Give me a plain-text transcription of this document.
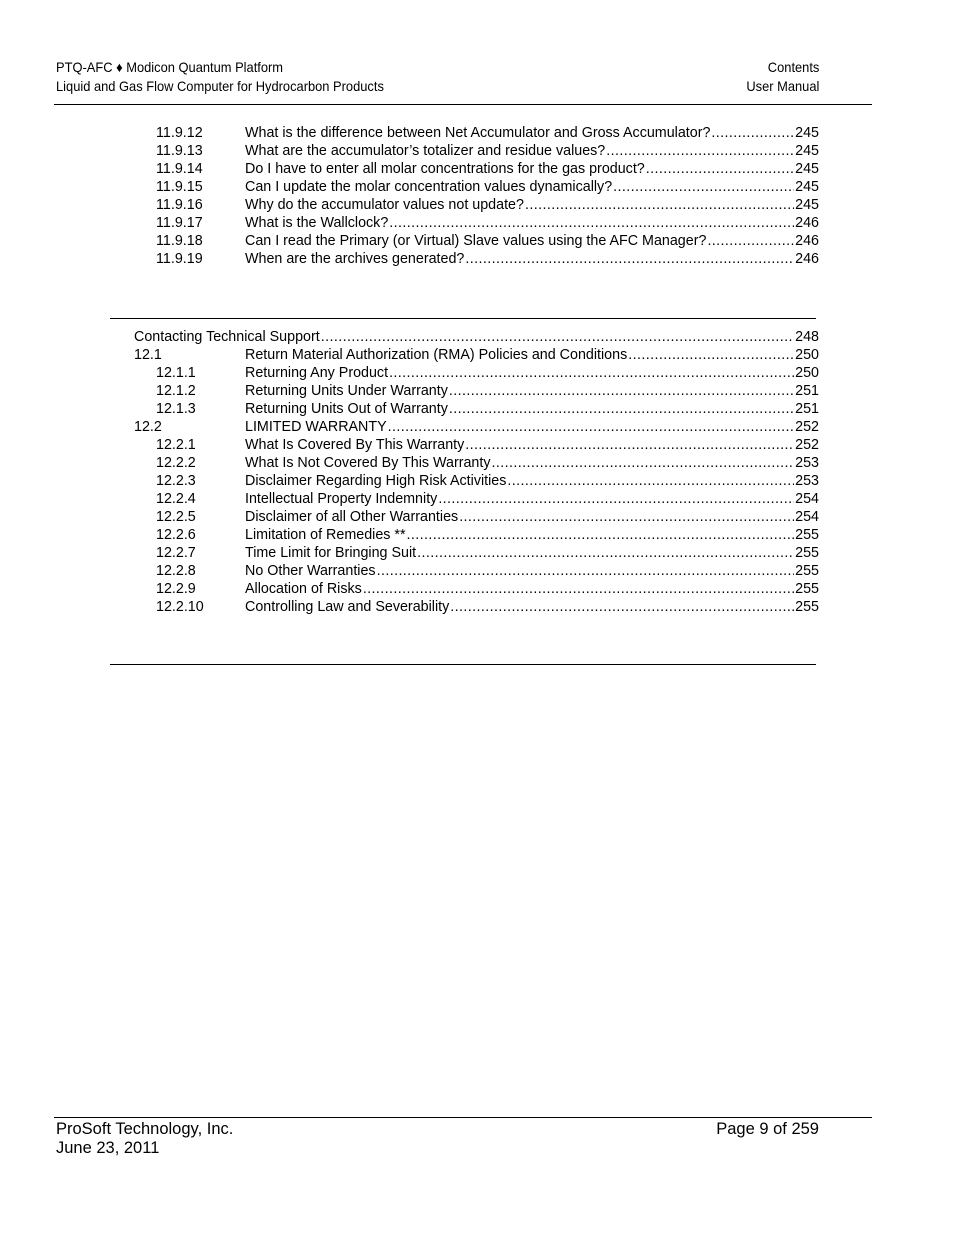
PTQ-AFC ♦ Modicon Quantum Platform
Liquid and Gas Flow Computer for Hydrocarbon Products
Contents
User Manual
11.9.12	What is the difference between Net Accumulator and Gross Accumulator? .....	245
11.9.13	What are the accumulator’s totalizer and residue values? .....	245
11.9.14	Do I have to enter all molar concentrations for the gas product? .....	245
11.9.15	Can I update the molar concentration values dynamically? .....	245
11.9.16	Why do the accumulator values not update? .....	245
11.9.17	What is the Wallclock? .....	246
11.9.18	Can I read the Primary (or Virtual) Slave values using the AFC Manager? .....	246
11.9.19	When are the archives generated? .....	246
Contacting Technical Support .....	248
12.1	Return Material Authorization (RMA) Policies and Conditions .....	250
12.1.1	Returning Any Product .....	250
12.1.2	Returning Units Under Warranty .....	251
12.1.3	Returning Units Out of Warranty .....	251
12.2	LIMITED WARRANTY .....	252
12.2.1	What Is Covered By This Warranty .....	252
12.2.2	What Is Not Covered By This Warranty .....	253
12.2.3	Disclaimer Regarding High Risk Activities .....	253
12.2.4	Intellectual Property Indemnity .....	254
12.2.5	Disclaimer of all Other Warranties .....	254
12.2.6	Limitation of Remedies ** .....	255
12.2.7	Time Limit for Bringing Suit .....	255
12.2.8	No Other Warranties .....	255
12.2.9	Allocation of Risks .....	255
12.2.10	Controlling Law and Severability .....	255
ProSoft Technology, Inc.
June 23, 2011
Page 9 of 259
